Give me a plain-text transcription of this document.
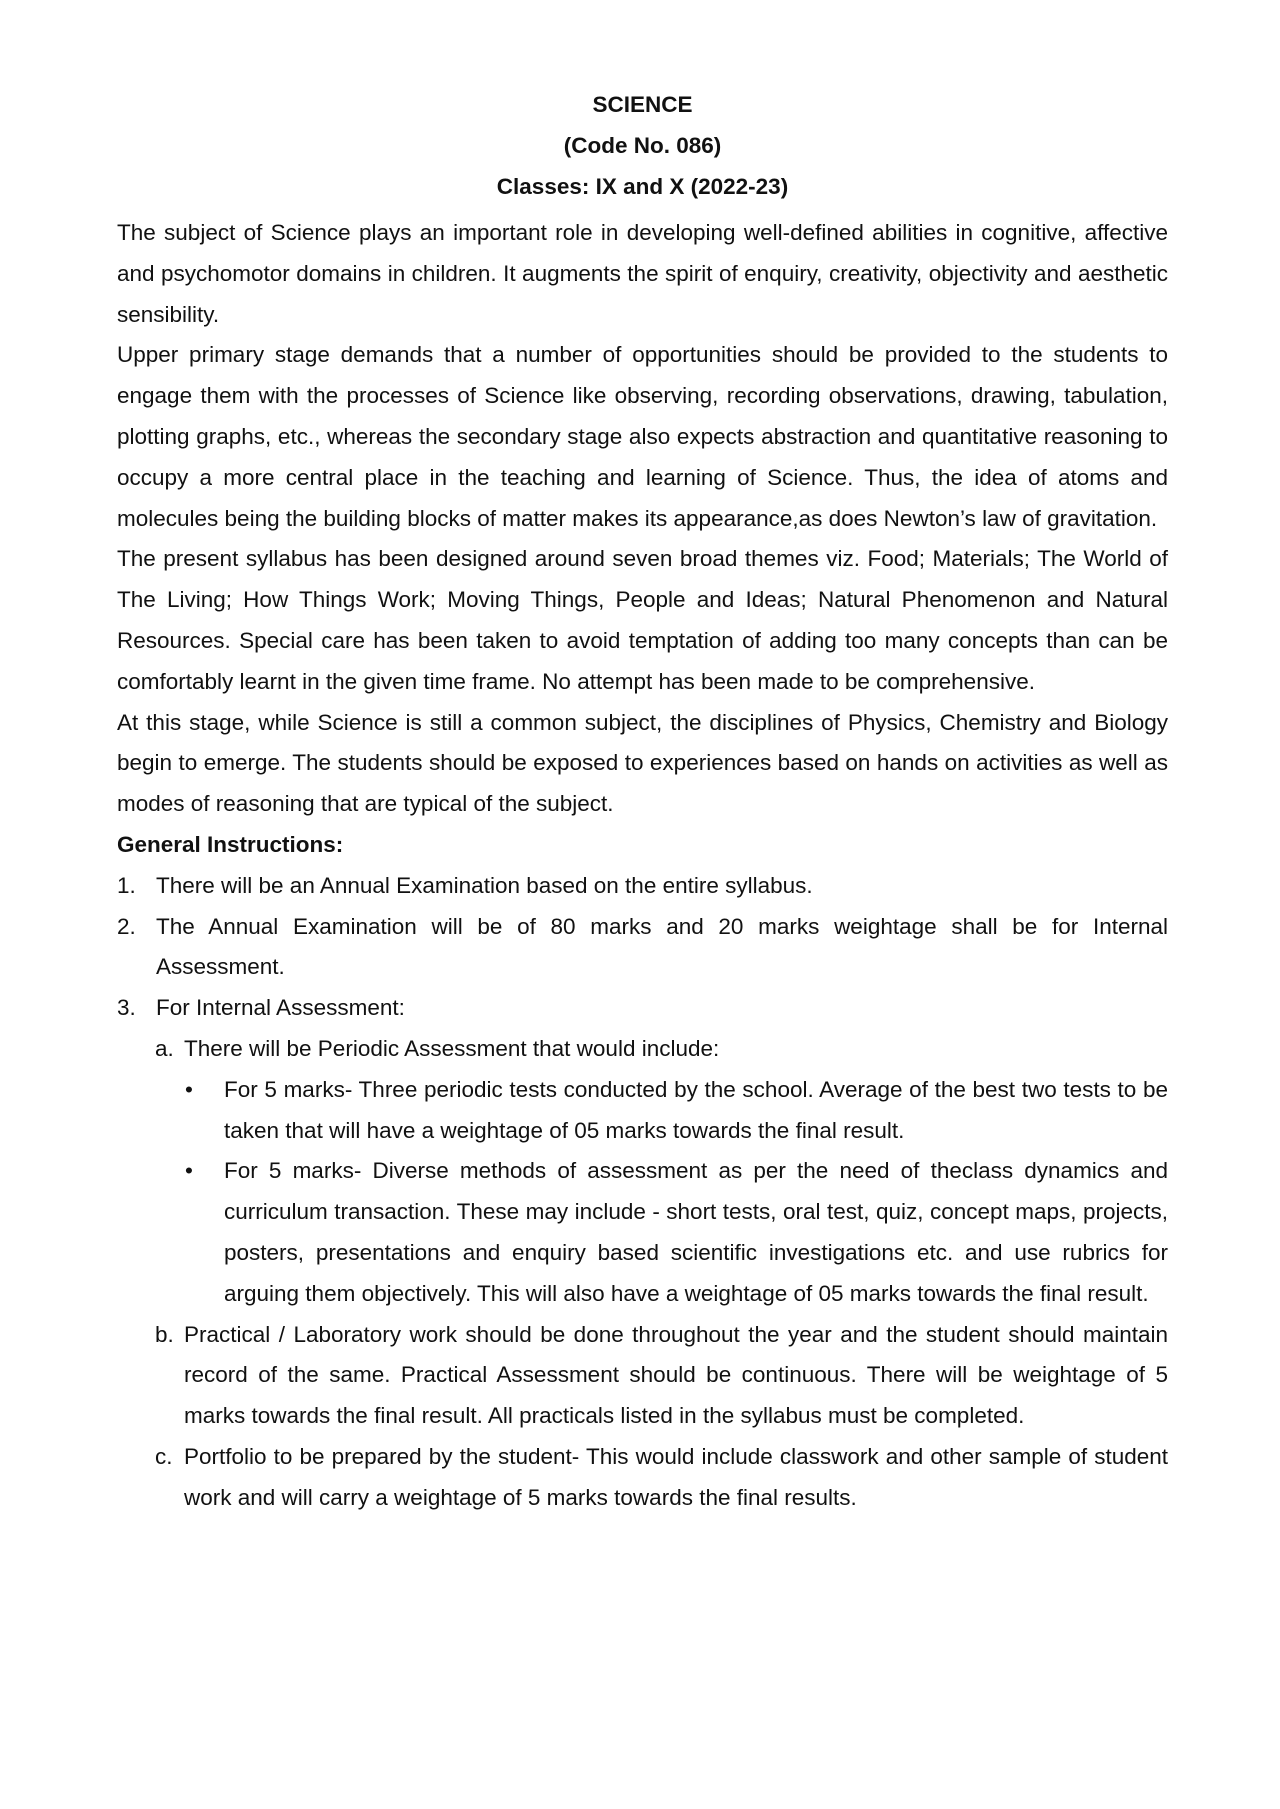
SCIENCE

(Code No. 086)

Classes: IX and X (2022-23)

The subject of Science plays an important role in developing well-defined abilities in cognitive, affective and psychomotor domains in children. It augments the spirit of enquiry, creativity, objectivity and aesthetic sensibility.

Upper primary stage demands that a number of opportunities should be provided to the students to engage them with the processes of Science like observing, recording observations, drawing, tabulation, plotting graphs, etc., whereas the secondary stage also expects abstraction and quantitative reasoning to occupy a more central place in the teaching and learning of Science. Thus, the idea of atoms and molecules being the building blocks of matter makes its appearance,as does Newton’s law of gravitation.

The present syllabus has been designed around seven broad themes viz. Food; Materials; The World of The Living; How Things Work; Moving Things, People and Ideas; Natural Phenomenon and Natural Resources. Special care has been taken to avoid temptation of adding too many concepts than can be comfortably learnt in the given time frame. No attempt has been made to be comprehensive.

At this stage, while Science is still a common subject, the disciplines of Physics, Chemistry and Biology begin to emerge. The students should be exposed to experiences based on hands on activities as well as modes of reasoning that are typical of the subject.

General Instructions:

1. There will be an Annual Examination based on the entire syllabus.
2. The Annual Examination will be of 80 marks and 20 marks weightage shall be for Internal Assessment.
3. For Internal Assessment:
a. There will be Periodic Assessment that would include:
• For 5 marks- Three periodic tests conducted by the school. Average of the best two tests to be taken that will have a weightage of 05 marks towards the final result.
• For 5 marks- Diverse methods of assessment as per the need of theclass dynamics and curriculum transaction. These may include - short tests, oral test, quiz, concept maps, projects, posters, presentations and enquiry based scientific investigations etc. and use rubrics for arguing them objectively. This will also have a weightage of 05 marks towards the final result.
b. Practical / Laboratory work should be done throughout the year and the student should maintain record of the same. Practical Assessment should be continuous. There will be weightage of 5 marks towards the final result. All practicals listed in the syllabus must be completed.
c. Portfolio to be prepared by the student- This would include classwork and other sample of student work and will carry a weightage of 5 marks towards the final results.
